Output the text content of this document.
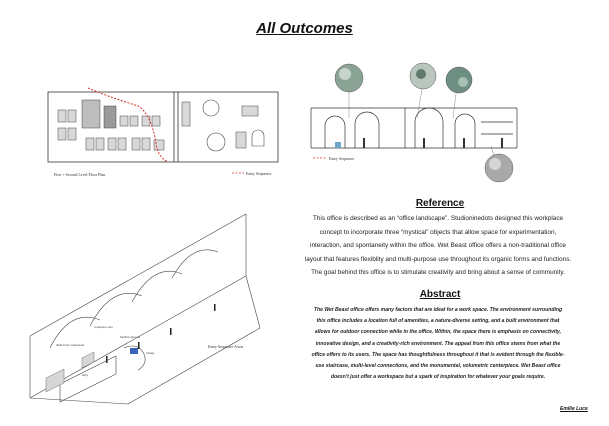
All Outcomes
First + Second Level Floor Plan	Entry Sequence
Entry Sequence
multi-level connections
workspace area
flexible staircase
entry
lounge
Entry Sequence Axon
Reference
This office is described as an “office landscape”. Studioninedots designed this workplace
concept to incorporate three “mystical” objects that allow space for experimentation,
interaction, and spontaneity within the office. Wet Beast office offers a non-traditional office
layout that features flexiblity and multi-purpose use throughout its organic forms and functions.
The goal behind this office is to stimulate creativity and bring about a sense of community.
Abstract
The Wet Beast office offers many factors that are ideal for a work space. The environment surrounding
this office includes a location full of amenities, a nature-diverse setting, and a built environment that
allows for outdoor connection while in the office. Within, the space there is emphasis on connectivity,
innovative design, and a creativity-rich environment. The appeal from this office stems from what the
office offers to its users. The space has thoughtfulness throughout it that is evident through the flexible-
use staircase, multi-level connections, and the monumental, volumetric centerpiece. Wet Beast office
doesn't just offer a workspace but a spark of inspiration for whatever your goals require.
Emilie Luce
